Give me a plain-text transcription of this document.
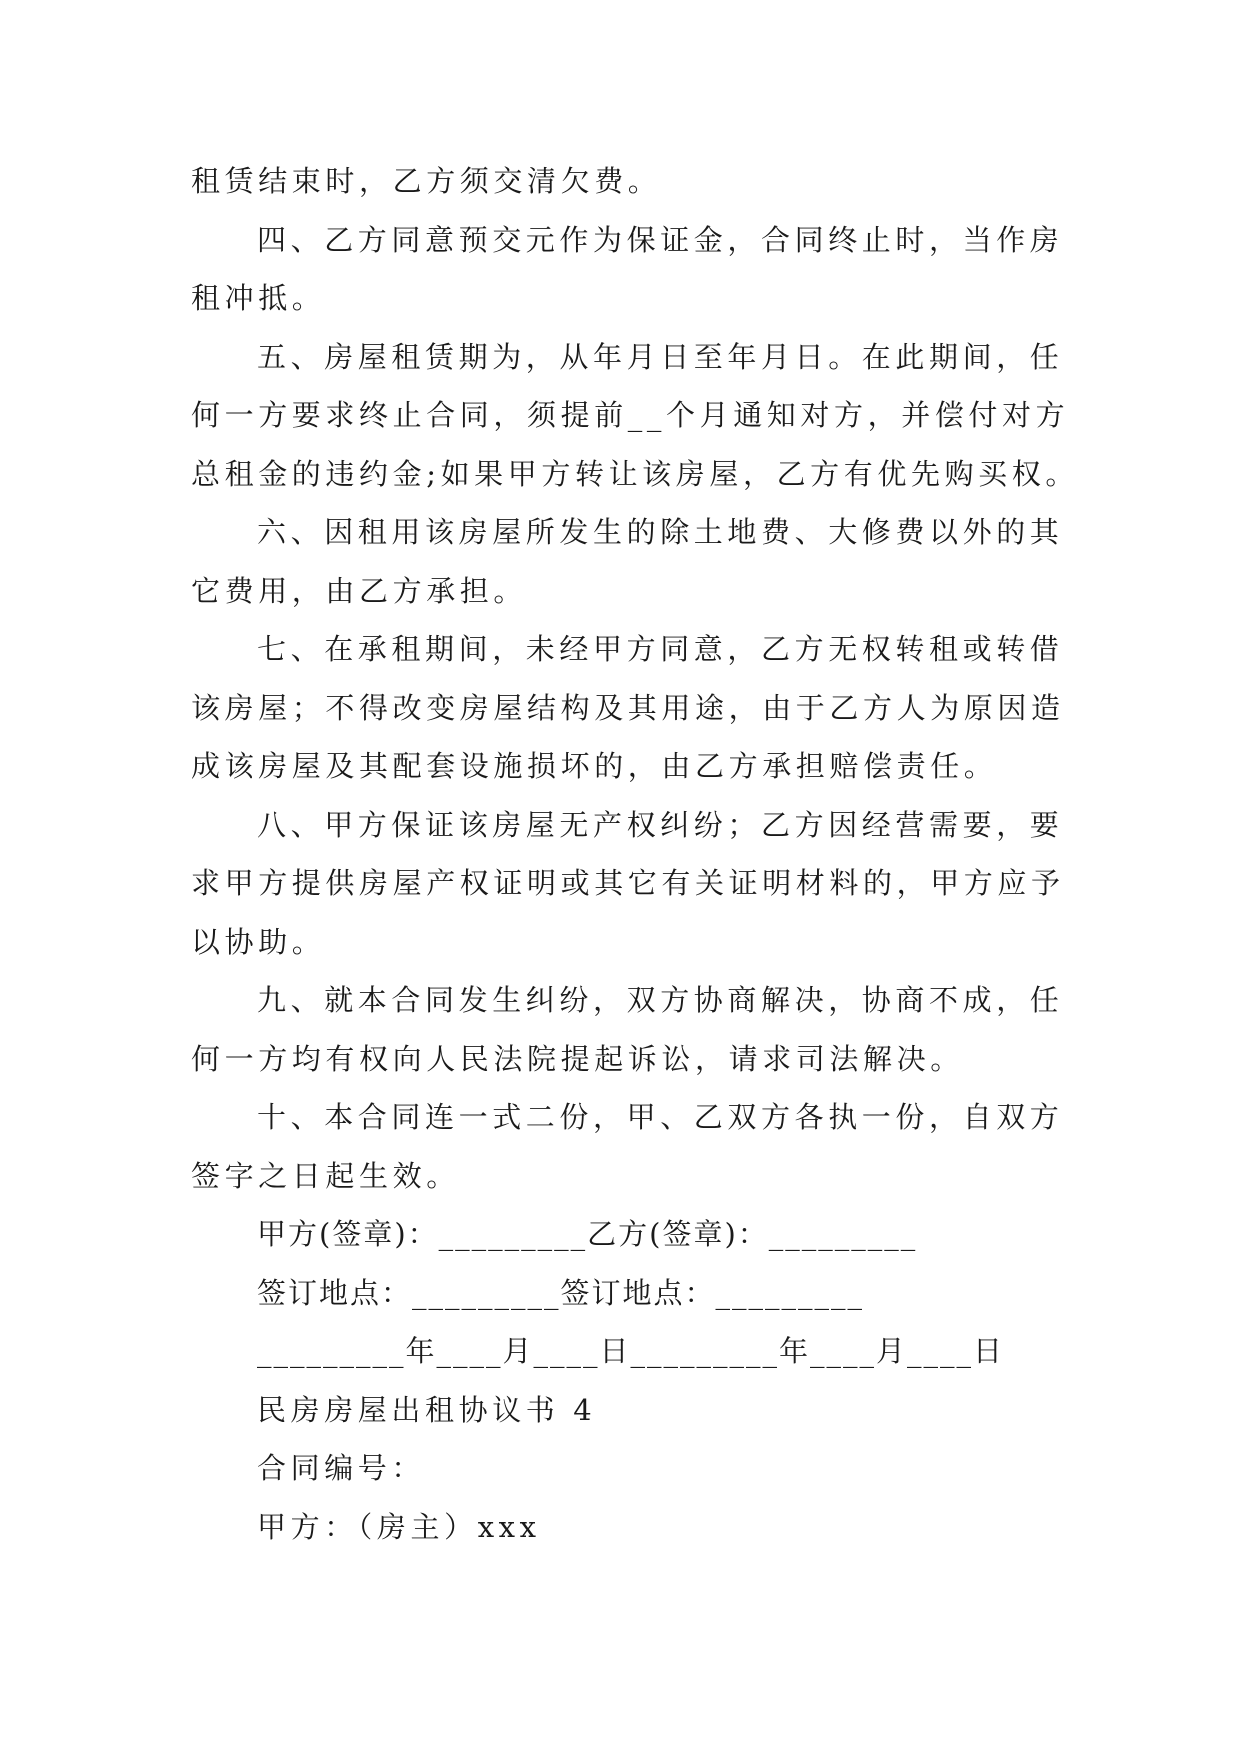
租赁结束时，乙方须交清欠费。
四、乙方同意预交元作为保证金，合同终止时，当作房
租冲抵。
五、房屋租赁期为，从年月日至年月日。在此期间，任
何一方要求终止合同，须提前__个月通知对方，并偿付对方
总租金的违约金;如果甲方转让该房屋，乙方有优先购买权。
六、因租用该房屋所发生的除土地费、大修费以外的其
它费用，由乙方承担。
七、在承租期间，未经甲方同意，乙方无权转租或转借
该房屋；不得改变房屋结构及其用途，由于乙方人为原因造
成该房屋及其配套设施损坏的，由乙方承担赔偿责任。
八、甲方保证该房屋无产权纠纷；乙方因经营需要，要
求甲方提供房屋产权证明或其它有关证明材料的，甲方应予
以协助。
九、就本合同发生纠纷，双方协商解决，协商不成，任
何一方均有权向人民法院提起诉讼，请求司法解决。
十、本合同连一式二份，甲、乙双方各执一份，自双方
签字之日起生效。
甲方(签章)：_________乙方(签章)：_________
签订地点：_________签订地点：_________
_________年____月____日_________年____月____日
民房房屋出租协议书 4
合同编号：
甲方：（房主）xxx
